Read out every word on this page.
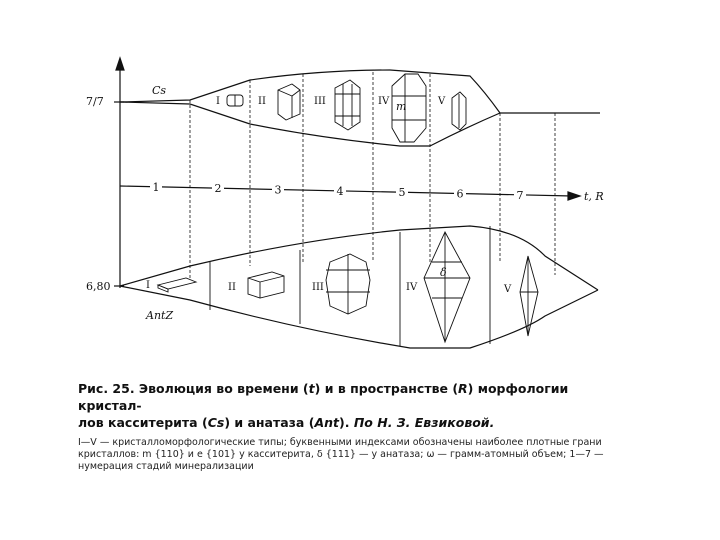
7/7
6,80
Cs
AntZ
t, R
1	2	3	4	5	6	7
I	II	III	IV	V
m
I	II	III	IV	V
δ

Рис. 25. Эволюция во времени (t) и в пространстве (R) морфологии кристал-
лов касситерита (Cs) и анатаза (Ant). По Н. З. Евзиковой.

I—V — кристалломорфологические типы; буквенными индексами обозначены наиболее плотные грани кристаллов: m {110} и e {101} у касситерита, δ {111} — у анатаза; ω — грамм-атомный объем; 1—7 — нумерация стадий минерализации
